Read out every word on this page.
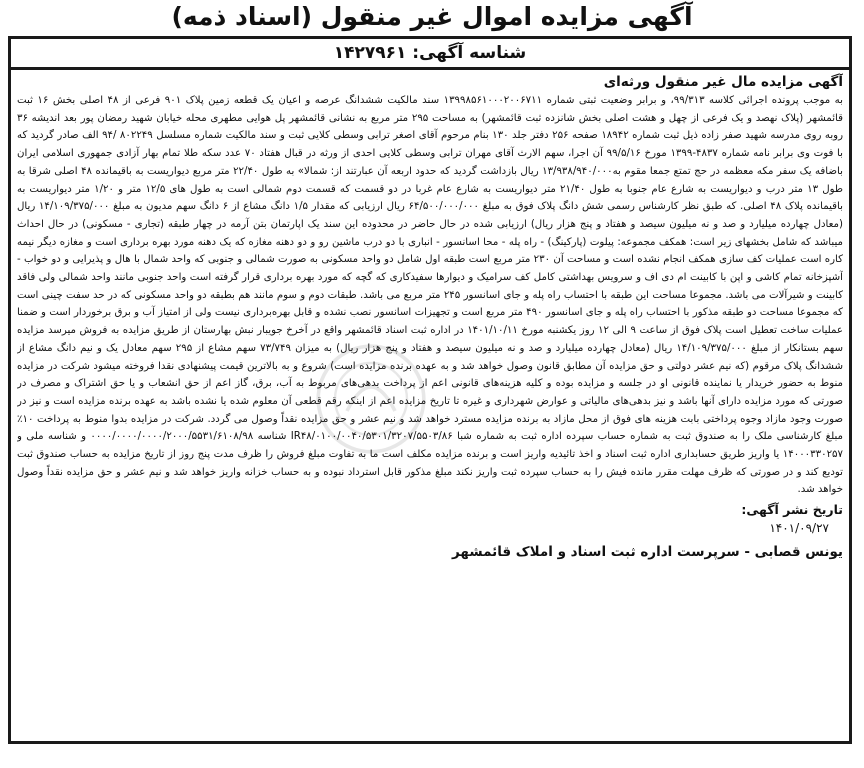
آگهی مزایده اموال غیر منقول (اسناد ذمه)
شناسه آگهی: ۱۴۲۷۹۶۱

آگهی مزایده مال غیر منقول ورثه‌ای

به موجب پرونده اجرائی کلاسه ۹۹/۳۱۳، و برابر وضعیت ثبتی شماره ۱۳۹۹۸۵۶۱۰۰۰۲۰۰۶۷۱۱ سند مالکیت ششدانگ عرصه و اعیان یک قطعه زمین پلاک ۹۰۱ فرعی از ۴۸ اصلی بخش ۱۶ ثبت قائمشهر (پلاک نهصد و یک فرعی از چهل و هشت اصلی بخش شانزده ثبت قائمشهر) به مساحت ۲۹۵ متر مربع به نشانی قائمشهر پل هوایی مطهری محله خیابان شهید رمضان پور بعد اندیشه ۳۶ روبه روی مدرسه شهید صفر زاده ذیل ثبت شماره ۱۸۹۴۲ صفحه ۲۵۶ دفتر جلد ۱۳۰ بنام مرحوم آقای اصغر ترابی وسطی کلایی ثبت و سند مالکیت شماره مسلسل ۸۰۲۲۴۹ /۹۴ الف صادر گردید که با فوت وی برابر نامه شماره ۴۸۳۷-۱۳۹۹ مورخ ۹۹/۵/۱۶ آن اجرا، سهم الارث آقای مهران ترابی وسطی کلایی احدی از ورثه در قبال هفتاد ۷۰ عدد سکه طلا تمام بهار آزادی جمهوری اسلامی ایران باضافه یک سفر مکه معظمه در حج تمتع جمعا مقوم به۱۳/۹۳۸/۹۴۰/۰۰۰ ریال بازداشت گردید که حدود اربعه آن عبارتند از: شمالا» به طول ۲۲/۴۰ متر مربع دیواریست به باقیمانده ۴۸ اصلی شرقا به طول ۱۳ متر درب و دیواریست به شارع عام جنوبا به طول ۲۱/۴۰ متر دیواریست به شارع عام غربا در دو قسمت که قسمت دوم شمالی است به طول های ۱۲/۵ متر و ۱/۲۰ متر دیواریست به باقیمانده پلاک ۴۸ اصلی. که طبق نظر کارشناس رسمی شش دانگ پلاک فوق به مبلغ ۶۴/۵۰۰/۰۰۰/۰۰۰ ریال ارزیابی که مقدار ۱/۵ دانگ مشاع از ۶ دانگ سهم مدیون به مبلغ ۱۴/۱۰۹/۳۷۵/۰۰۰ ریال (معادل چهارده میلیارد و صد و نه میلیون سیصد و هفتاد و پنج هزار ریال) ارزیابی شده در حال حاضر در محدوده این سند یک اپارتمان بتن آرمه در چهار طبقه (تجاری - مسکونی) در حال احداث میباشد که شامل بخشهای زیر است: همکف مجموعه: پیلوت (پارکینگ) - راه پله - محا اسانسور - انباری با دو درب ماشین رو و دو دهنه مغازه که یک دهنه مورد بهره برداری است و مغازه دیگر نیمه کاره است عملیات کف سازی همکف انجام نشده است و مساحت آن ۲۳۰ متر مربع است طبقه اول شامل دو واحد مسکونی به صورت شمالی و جنوبی که واحد شمال با هال و پذیرایی و دو خواب - آشپزخانه تمام کاشی و اپن با کابینت ام دی اف و سرویس بهداشتی کامل کف سرامیک و دیوارها سفیدکاری که گچه که مورد بهره برداری قرار گرفته است واحد جنوبی مانند واحد شمالی ولی فاقد کابینت و شیرآلات می باشد. مجموعا مساحت این طبقه با احتساب راه پله و جای اسانسور ۲۴۵ متر مربع می باشد. طبقات دوم و سوم مانند هم بطبقه دو واحد مسکونی که در حد سفت چینی است که مجموعا مساحت دو طبقه مذکور با احتساب راه پله و جای اسانسور ۴۹۰ متر مربع است و تجهیزات اسانسور نصب نشده و قابل بهره‌برداری نیست ولی از امتیاز آب و برق برخوردار است و ضمنا عملیات ساخت تعطیل است پلاک فوق از ساعت ۹ الی ۱۲ روز یکشنبه مورخ ۱۴۰۱/۱۰/۱۱ در اداره ثبت اسناد قائمشهر واقع در آخرخ جویبار نبش بهارستان از طریق مزایده به فروش میرسد مزایده سهم بستانکار از مبلغ ۱۴/۱۰۹/۳۷۵/۰۰۰ ریال (معادل چهارده میلیارد و صد و نه میلیون سیصد و هفتاد و پنج هزار ریال) به میزان ۷۳/۷۴۹ سهم مشاع از ۲۹۵ سهم معادل یک و نیم دانگ مشاع از ششدانگ پلاک مرقوم (که نیم عشر دولتی و حق مزایده آن مطابق قانون وصول خواهد شد و به عهده برنده مزایده است) شروع و به بالاترین قیمت پیشنهادی نقدا فروخته میشود شرکت در مزایده منوط به حضور خریدار یا نماینده قانونی او در جلسه و مزایده بوده و کلیه هزینه‌های قانونی اعم از پرداخت بدهی‌های مربوط به آب، برق، گاز اعم از حق انشعاب و یا حق اشتراک و مصرف در صورتی که مورد مزایده دارای آنها باشد و نیز بدهی‌های مالیاتی و عوارض شهرداری و غیره تا تاریخ مزایده اعم از اینکه رقم قطعی آن معلوم شده یا نشده باشد به عهده برنده مزایده است و نیز در صورت وجود مازاد وجوه پرداختی بابت هزینه های فوق از محل مازاد به برنده مزایده مسترد خواهد شد و نیم عشر و حق مزایده نقداً وصول می گردد. شرکت در مزایده بدوا منوط به پرداخت ۱۰٪ مبلغ کارشناسی ملک را به صندوق ثبت به شماره حساب سپرده اداره ثبت به شماره شبا IR۴۸/۰۱۰۰/۰۰۴۰/۵۳۰۱/۳۲۰۷/۵۵۰۳/۸۶ شناسه ۰۰۰۰/۰۰۰۰/۰۰۰۰/۲۰۰۰/۵۵۳۱/۶۱۰۸/۹۸ و شناسه ملی و ۱۴۰۰۰۳۳۰۲۵۷ یا واریز طریق حسابداری اداره ثبت اسناد و اخذ تائیدیه واریز است و برنده مزایده مکلف است ما به تفاوت مبلغ فروش را ظرف مدت پنج روز از تاریخ مزایده به حساب صندوق ثبت توديع كند و در صورتی که ظرف مهلت مقرر مانده فیش را به حساب سپرده ثبت واریز نکند مبلغ مذکور قابل استرداد نبوده و به حساب خزانه واریز خواهد شد و نیم عشر و حق مزایده نقداً وصول خواهد شد.

تاریخ نشر آگهی:

۱۴۰۱/۰۹/۲۷

یونس قصابی - سرپرست اداره ثبت اسناد و املاک قائمشهر
